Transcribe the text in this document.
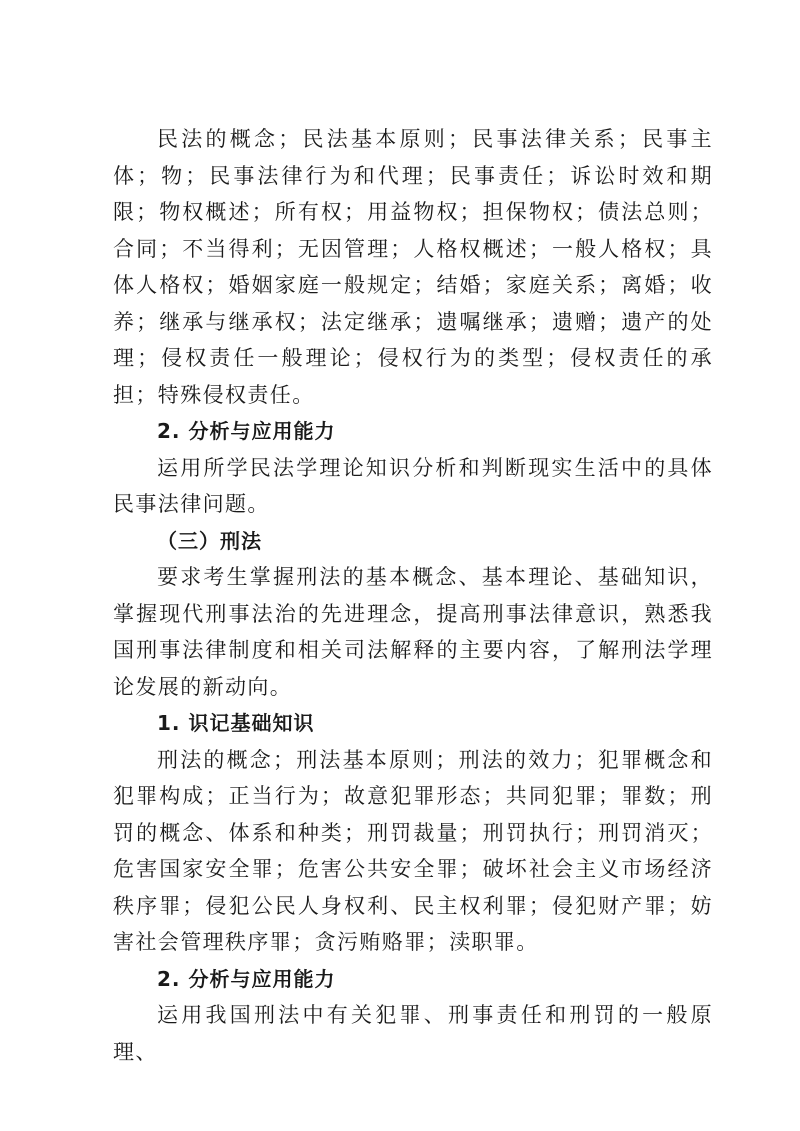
民法的概念；民法基本原则；民事法律关系；民事主体；物；民事法律行为和代理；民事责任；诉讼时效和期限；物权概述；所有权；用益物权；担保物权；债法总则；合同；不当得利；无因管理；人格权概述；一般人格权；具体人格权；婚姻家庭一般规定；结婚；家庭关系；离婚；收养；继承与继承权；法定继承；遗嘱继承；遗赠；遗产的处理；侵权责任一般理论；侵权行为的类型；侵权责任的承担；特殊侵权责任。

2. 分析与应用能力

运用所学民法学理论知识分析和判断现实生活中的具体民事法律问题。

（三）刑法

要求考生掌握刑法的基本概念、基本理论、基础知识，掌握现代刑事法治的先进理念，提高刑事法律意识，熟悉我国刑事法律制度和相关司法解释的主要内容，了解刑法学理论发展的新动向。

1. 识记基础知识

刑法的概念；刑法基本原则；刑法的效力；犯罪概念和犯罪构成；正当行为；故意犯罪形态；共同犯罪；罪数；刑罚的概念、体系和种类；刑罚裁量；刑罚执行；刑罚消灭；危害国家安全罪；危害公共安全罪；破坏社会主义市场经济秩序罪；侵犯公民人身权利、民主权利罪；侵犯财产罪；妨害社会管理秩序罪；贪污贿赂罪；渎职罪。

2. 分析与应用能力

运用我国刑法中有关犯罪、刑事责任和刑罚的一般原理、
